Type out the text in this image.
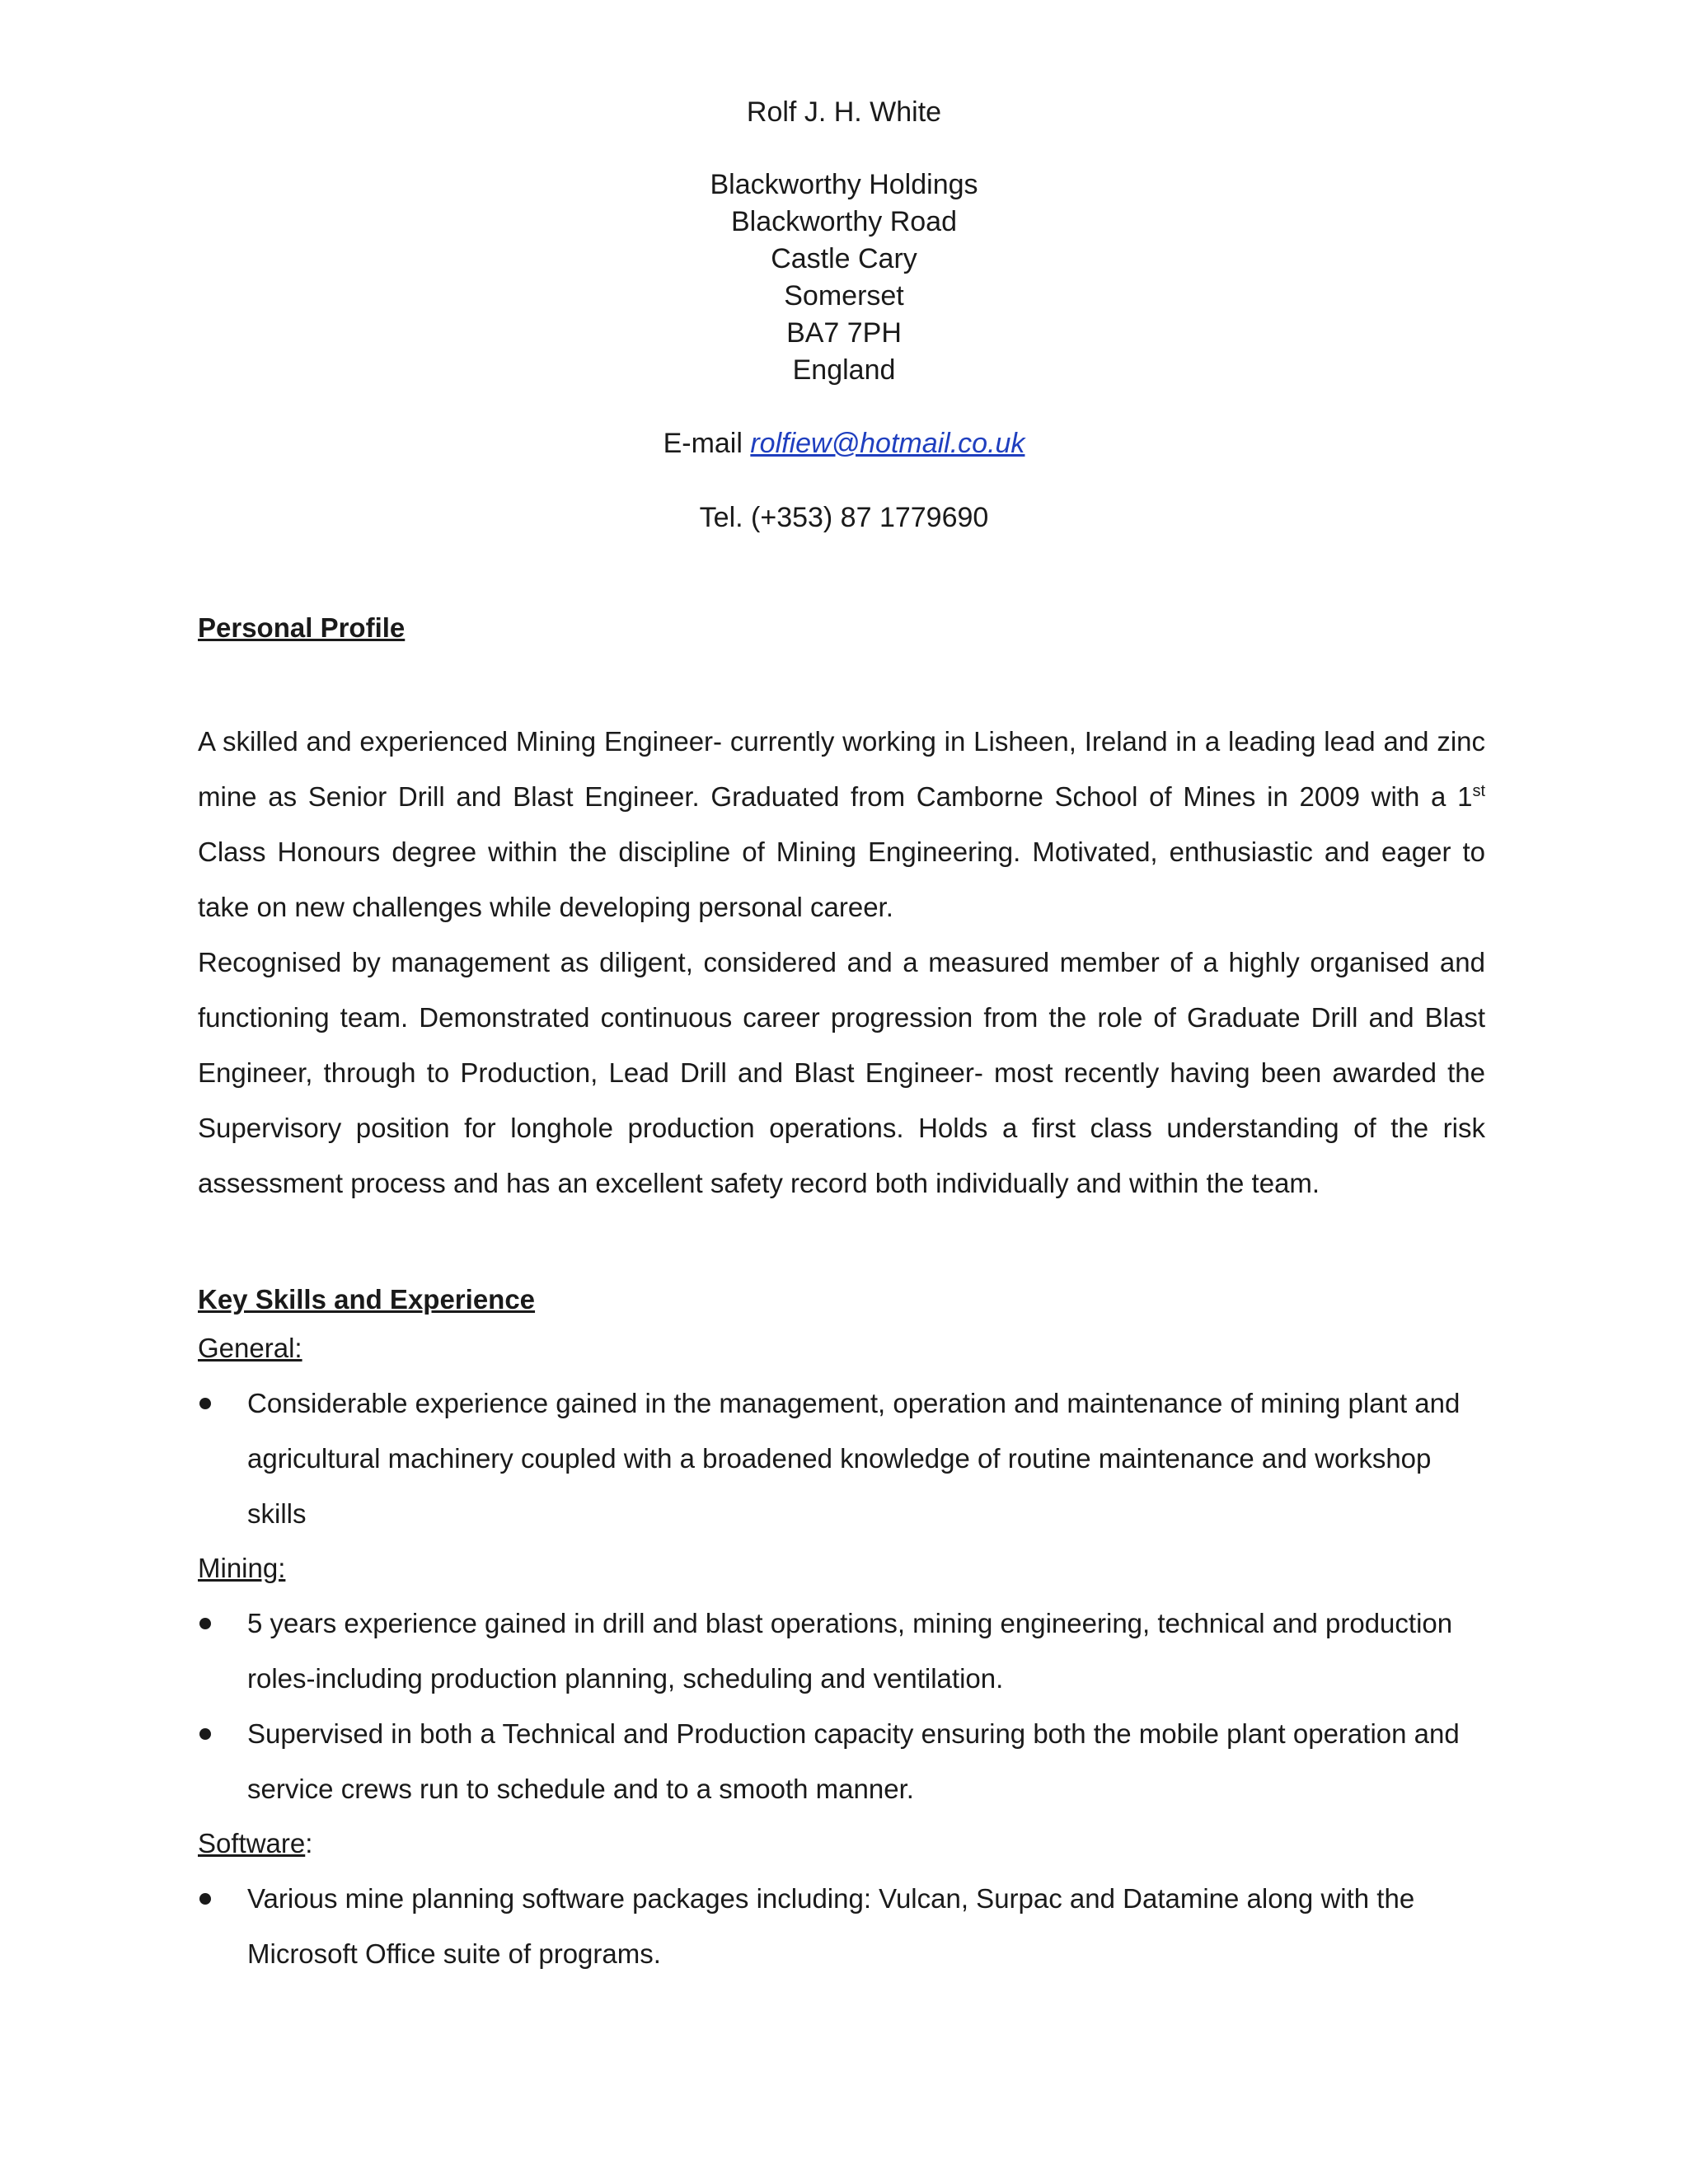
Rolf J. H. White
Blackworthy Holdings
Blackworthy Road
Castle Cary
Somerset
BA7 7PH
England
E-mail rolfiew@hotmail.co.uk
Tel. (+353) 87 1779690
Personal Profile

A skilled and experienced Mining Engineer- currently working in Lisheen, Ireland in a leading lead and zinc mine as Senior Drill and Blast Engineer. Graduated from Camborne School of Mines in 2009 with a 1st Class Honours degree within the discipline of Mining Engineering. Motivated, enthusiastic and eager to take on new challenges while developing personal career.

Recognised by management as diligent, considered and a measured member of a highly organised and functioning team. Demonstrated continuous career progression from the role of Graduate Drill and Blast Engineer, through to Production, Lead Drill and Blast Engineer- most recently having been awarded the Supervisory position for longhole production operations. Holds a first class understanding of the risk assessment process and has an excellent safety record both individually and within the team.

Key Skills and Experience
General:
Considerable experience gained in the management, operation and maintenance of mining plant and agricultural machinery coupled with a broadened knowledge of routine maintenance and workshop skills
Mining:
5 years experience gained in drill and blast operations, mining engineering, technical and production roles-including production planning, scheduling and ventilation.
Supervised in both a Technical and Production capacity ensuring both the mobile plant operation and service crews run to schedule and to a smooth manner.
Software:
Various mine planning software packages including: Vulcan, Surpac and Datamine along with the Microsoft Office suite of programs.
